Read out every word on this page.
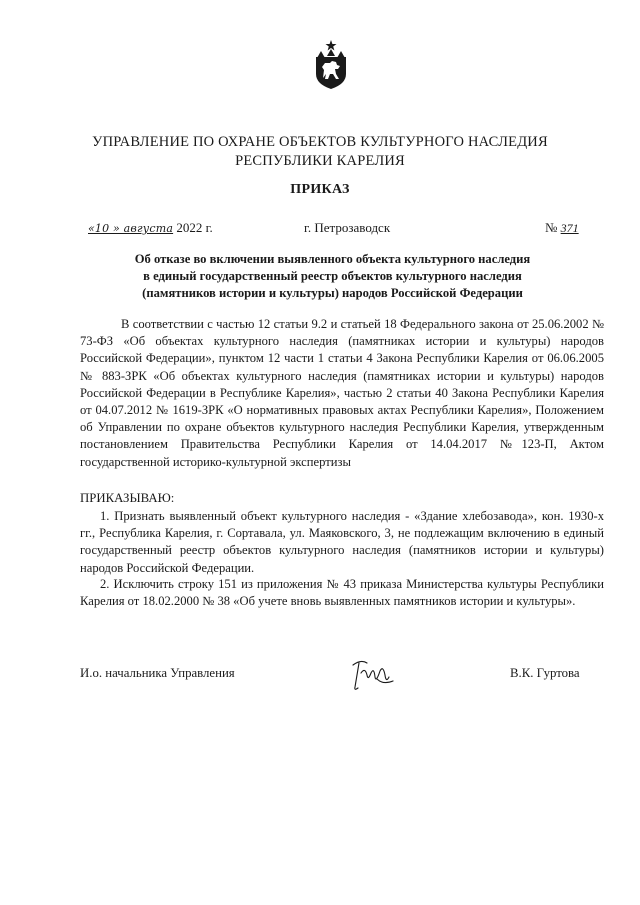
УПРАВЛЕНИЕ ПО ОХРАНЕ ОБЪЕКТОВ КУЛЬТУРНОГО НАСЛЕДИЯ
РЕСПУБЛИКИ КАРЕЛИЯ
ПРИКАЗ
«10 » августа 2022 г.	г. Петрозаводск	№ 371
Об отказе во включении выявленного объекта культурного наследия
в единый государственный реестр объектов культурного наследия
(памятников истории и культуры) народов Российской Федерации

В соответствии с частью 12 статьи 9.2 и статьей 18 Федерального закона от 25.06.2002 № 73-ФЗ «Об объектах культурного наследия (памятниках истории и культуры) народов Российской Федерации», пунктом 12 части 1 статьи 4 Закона Республики Карелия от 06.06.2005 № 883-ЗРК «Об объектах культурного наследия (памятниках истории и культуры) народов Российской Федерации в Республике Карелия», частью 2 статьи 40 Закона Республики Карелия от 04.07.2012 № 1619-ЗРК «О нормативных правовых актах Республики Карелия», Положением об Управлении по охране объектов культурного наследия Республики Карелия, утвержденным постановлением Правительства Республики Карелия от 14.04.2017 №123-П, Актом государственной историко-культурной экспертизы

ПРИКАЗЫВАЮ:

1. Признать выявленный объект культурного наследия - «Здание хлебозавода», кон. 1930-х гг., Республика Карелия, г. Сортавала, ул. Маяковского, 3, не подлежащим включению в единый государственный реестр объектов культурного наследия (памятников истории и культуры) народов Российской Федерации.

2. Исключить строку 151 из приложения № 43 приказа Министерства культуры Республики Карелия от 18.02.2000 № 38 «Об учете вновь выявленных памятников истории и культуры».

И.о. начальника Управления	В.К. Гуртова
